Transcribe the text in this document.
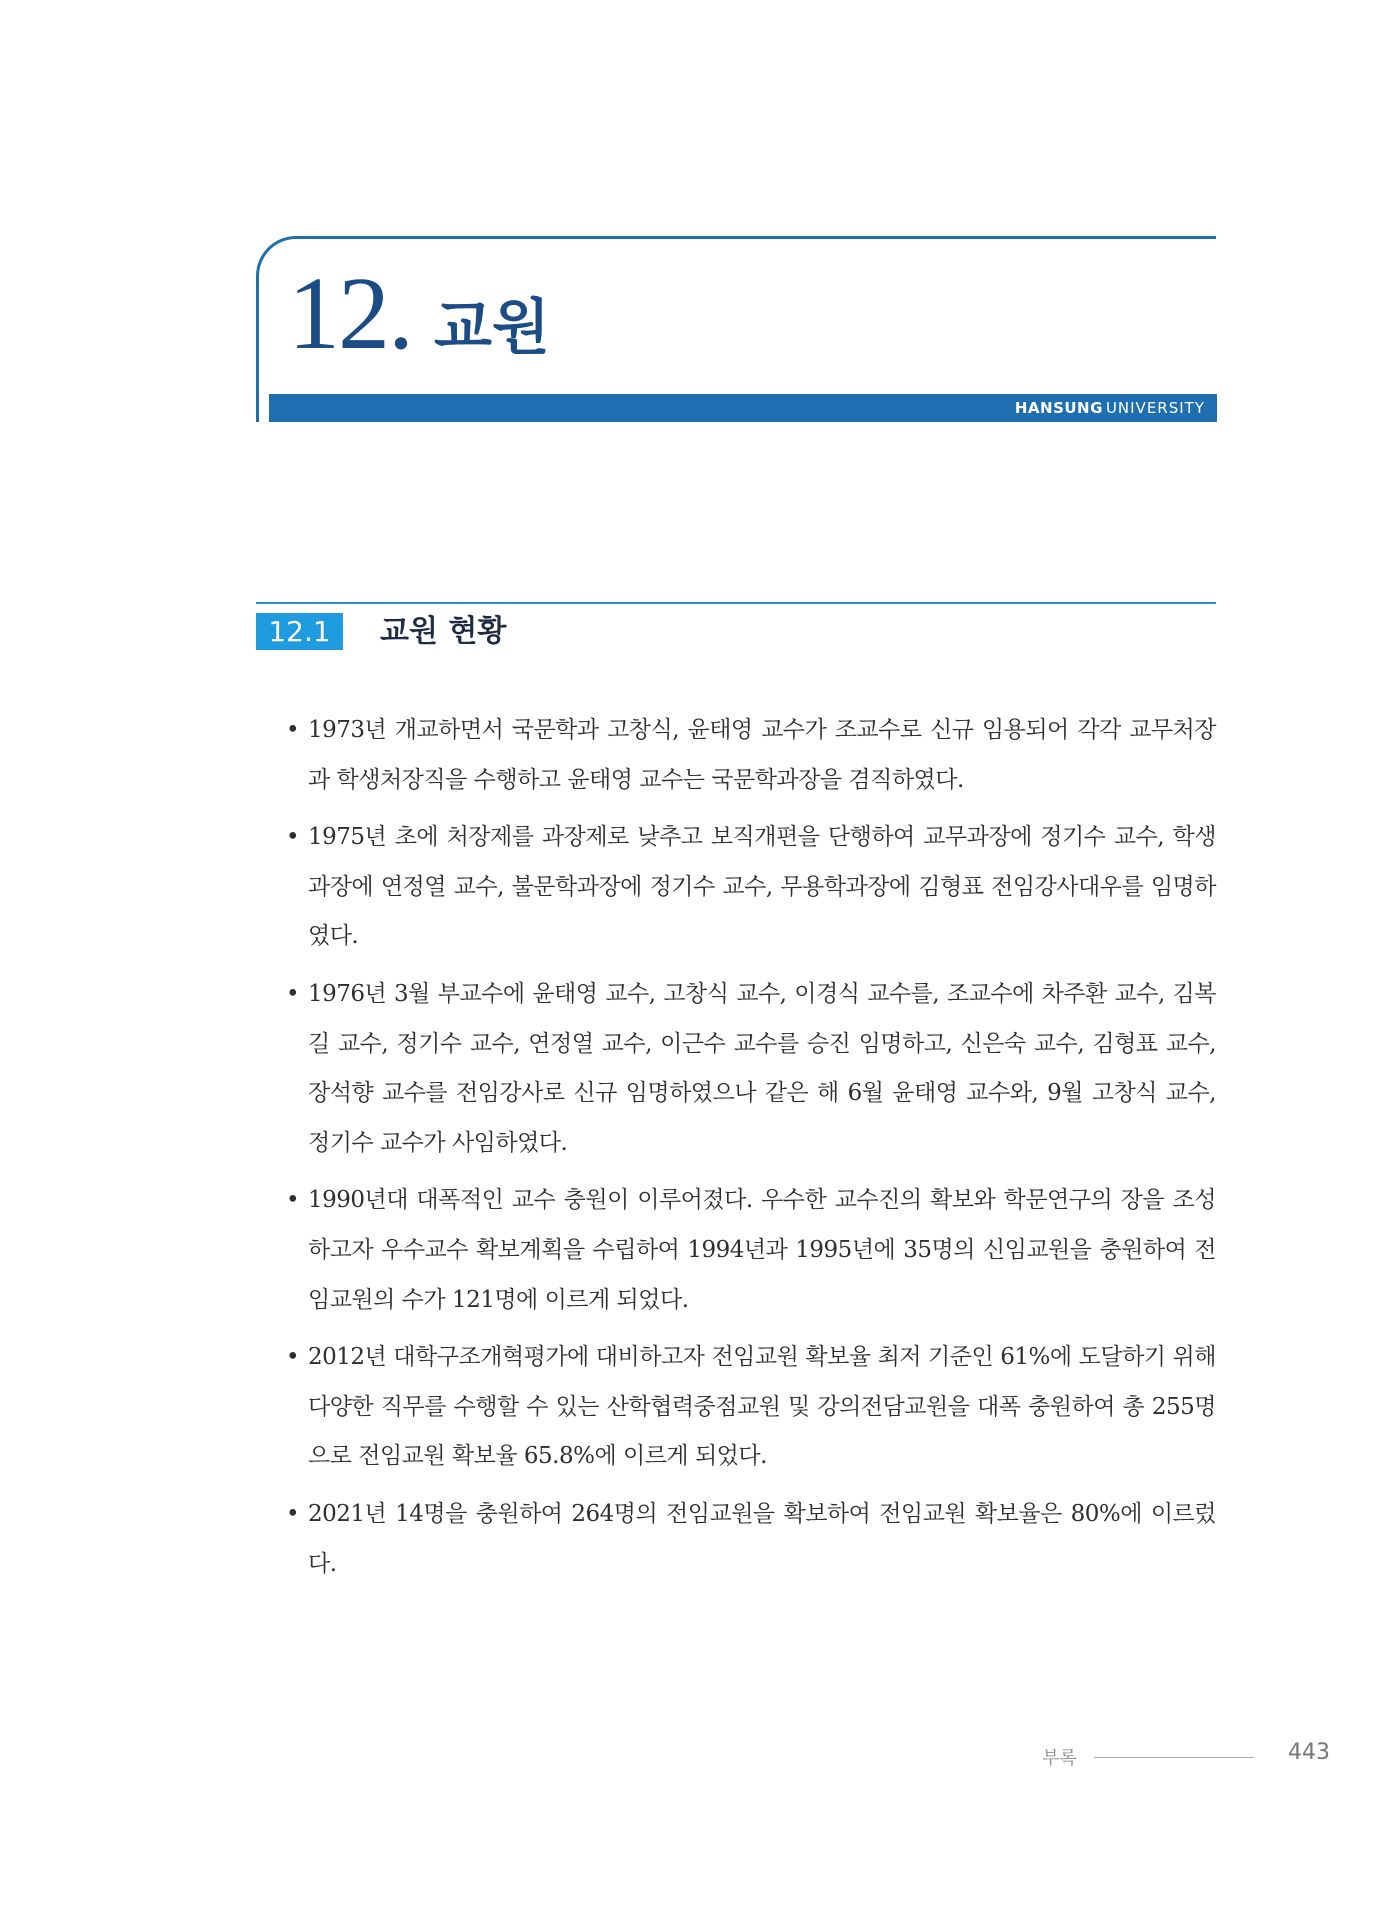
12. 교원
HANSUNG UNIVERSITY
12.1	교원 현황
• 1973년 개교하면서 국문학과 고창식, 윤태영 교수가 조교수로 신규 임용되어 각각 교무처장과 학생처장직을 수행하고 윤태영 교수는 국문학과장을 겸직하였다.
• 1975년 초에 처장제를 과장제로 낮추고 보직개편을 단행하여 교무과장에 정기수 교수, 학생과장에 연정열 교수, 불문학과장에 정기수 교수, 무용학과장에 김형표 전임강사대우를 임명하였다.
• 1976년 3월 부교수에 윤태영 교수, 고창식 교수, 이경식 교수를, 조교수에 차주환 교수, 김복길 교수, 정기수 교수, 연정열 교수, 이근수 교수를 승진 임명하고, 신은숙 교수, 김형표 교수, 장석향 교수를 전임강사로 신규 임명하였으나 같은 해 6월 윤태영 교수와, 9월 고창식 교수, 정기수 교수가 사임하였다.
• 1990년대 대폭적인 교수 충원이 이루어졌다. 우수한 교수진의 확보와 학문연구의 장을 조성하고자 우수교수 확보계획을 수립하여 1994년과 1995년에 35명의 신임교원을 충원하여 전임교원의 수가 121명에 이르게 되었다.
• 2012년 대학구조개혁평가에 대비하고자 전임교원 확보율 최저 기준인 61%에 도달하기 위해 다양한 직무를 수행할 수 있는 산학협력중점교원 및 강의전담교원을 대폭 충원하여 총 255명으로 전임교원 확보율 65.8%에 이르게 되었다.
• 2021년 14명을 충원하여 264명의 전임교원을 확보하여 전임교원 확보율은 80%에 이르렀다.
부록	443
